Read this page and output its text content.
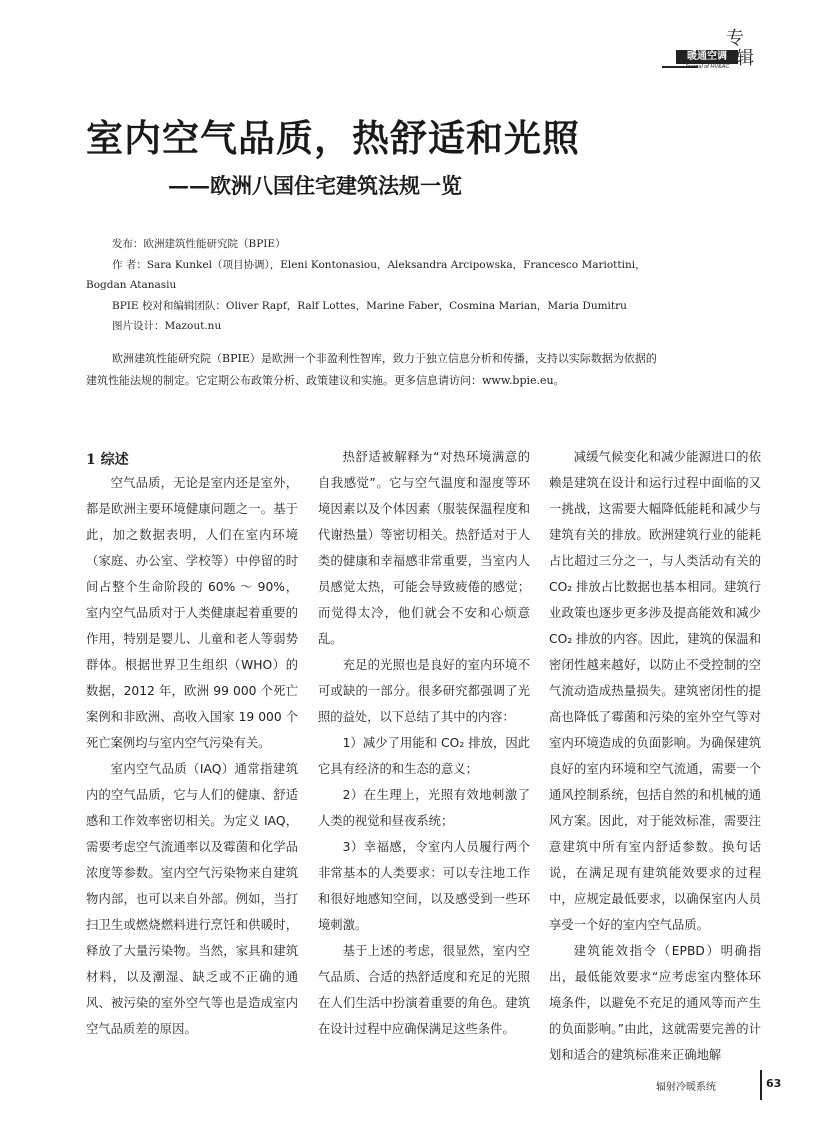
暖通空调
Journal of HV&AC
专
辑
室内空气品质，热舒适和光照
——欧洲八国住宅建筑法规一览

发布：欧洲建筑性能研究院（BPIE）

作 者：Sara Kunkel（项目协调），Eleni Kontonasiou，Aleksandra Arcipowska，Francesco Mariottini，

Bogdan Atanasiu

BPIE 校对和编辑团队：Oliver Rapf，Ralf Lottes，Marine Faber，Cosmina Marian，Maria Dumitru

图片设计：Mazout.nu

欧洲建筑性能研究院（BPIE）是欧洲一个非盈利性智库，致力于独立信息分析和传播，支持以实际数据为依据的建筑性能法规的制定。它定期公布政策分析、政策建议和实施。更多信息请访问：www.bpie.eu。
1 综述

空气品质，无论是室内还是室外，都是欧洲主要环境健康问题之一。基于此，加之数据表明，人们在室内环境（家庭、办公室、学校等）中停留的时间占整个生命阶段的 60% ～ 90%，室内空气品质对于人类健康起着重要的作用，特别是婴儿、儿童和老人等弱势群体。根据世界卫生组织（WHO）的数据，2012 年，欧洲 99 000 个死亡案例和非欧洲、高收入国家 19 000 个死亡案例均与室内空气污染有关。

室内空气品质（IAQ）通常指建筑内的空气品质，它与人们的健康、舒适感和工作效率密切相关。为定义 IAQ，需要考虑空气流通率以及霉菌和化学品浓度等参数。室内空气污染物来自建筑物内部，也可以来自外部。例如，当打扫卫生或燃烧燃料进行烹饪和供暖时，释放了大量污染物。当然，家具和建筑材料，以及潮湿、缺乏或不正确的通风、被污染的室外空气等也是造成室内空气品质差的原因。

热舒适被解释为“对热环境满意的自我感觉”。它与空气温度和湿度等环境因素以及个体因素（服装保温程度和代谢热量）等密切相关。热舒适对于人类的健康和幸福感非常重要，当室内人员感觉太热，可能会导致疲倦的感觉；而觉得太冷，他们就会不安和心烦意乱。

充足的光照也是良好的室内环境不可或缺的一部分。很多研究都强调了光照的益处，以下总结了其中的内容：

1）减少了用能和 CO₂ 排放，因此它具有经济的和生态的意义；

2）在生理上，光照有效地刺激了人类的视觉和昼夜系统；

3）幸福感，令室内人员履行两个非常基本的人类要求：可以专注地工作和很好地感知空间，以及感受到一些环境刺激。

基于上述的考虑，很显然，室内空气品质、合适的热舒适度和充足的光照在人们生活中扮演着重要的角色。建筑在设计过程中应确保满足这些条件。

减缓气候变化和减少能源进口的依赖是建筑在设计和运行过程中面临的又一挑战，这需要大幅降低能耗和减少与建筑有关的排放。欧洲建筑行业的能耗占比超过三分之一，与人类活动有关的 CO₂ 排放占比数据也基本相同。建筑行业政策也逐步更多涉及提高能效和减少 CO₂ 排放的内容。因此，建筑的保温和密闭性越来越好，以防止不受控制的空气流动造成热量损失。建筑密闭性的提高也降低了霉菌和污染的室外空气等对室内环境造成的负面影响。为确保建筑良好的室内环境和空气流通，需要一个通风控制系统，包括自然的和机械的通风方案。因此，对于能效标准，需要注意建筑中所有室内舒适参数。换句话说，在满足现有建筑能效要求的过程中，应规定最低要求，以确保室内人员享受一个好的室内空气品质。

建筑能效指令（EPBD）明确指出，最低能效要求“应考虑室内整体环境条件，以避免不充足的通风等而产生的负面影响。”由此，这就需要完善的计划和适合的建筑标准来正确地解

辐射冷暖系统	63
